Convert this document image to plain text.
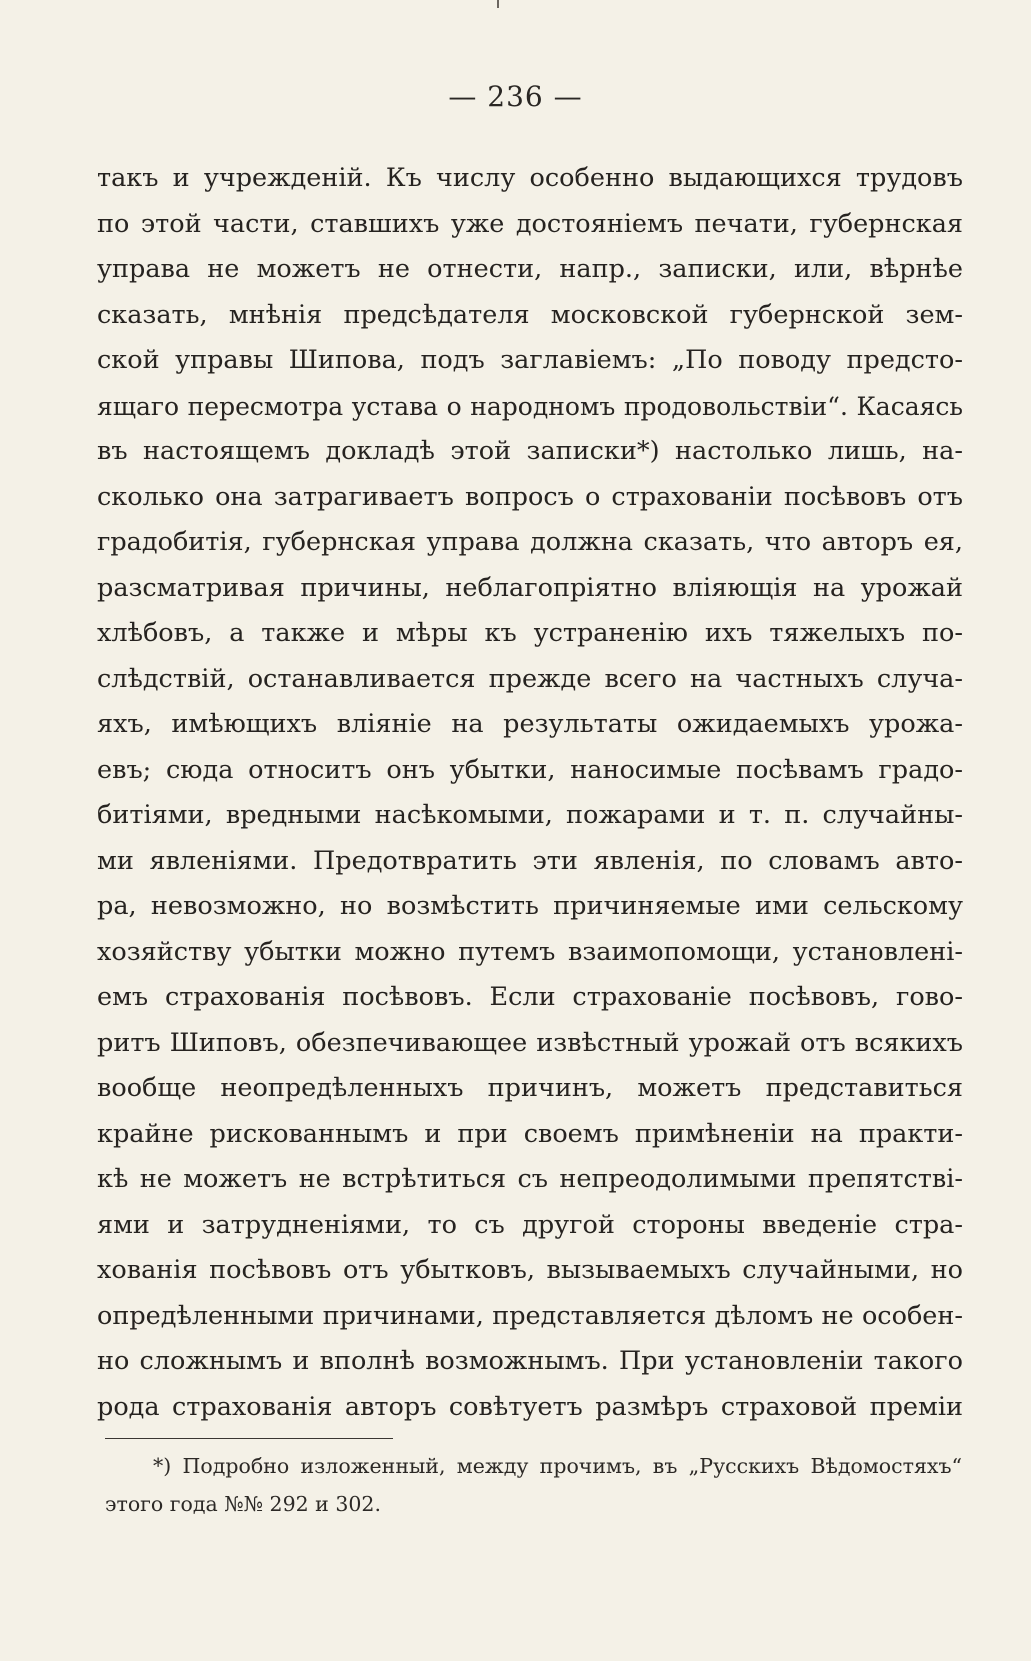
— 236 —
такъ и учрежденій. Къ числу особенно выдающихся трудовъ
по этой части, ставшихъ уже достояніемъ печати, губернская
управа не можетъ не отнести, напр., записки, или, вѣрнѣе
сказать, мнѣнія предсѣдателя московской губернской зем-
ской управы Шипова, подъ заглавіемъ: „По поводу предсто-
ящаго пересмотра устава о народномъ продовольствіи“. Касаясь
въ настоящемъ докладѣ этой записки*) настолько лишь, на-
сколько она затрагиваетъ вопросъ о страхованіи посѣвовъ отъ
градобитія, губернская управа должна сказать, что авторъ ея,
разсматривая причины, неблагопріятно вліяющія на урожай
хлѣбовъ, а также и мѣры къ устраненію ихъ тяжелыхъ по-
слѣдствій, останавливается прежде всего на частныхъ случа-
яхъ, имѣющихъ вліяніе на результаты ожидаемыхъ урожа-
евъ; сюда относитъ онъ убытки, наносимые посѣвамъ градо-
битіями, вредными насѣкомыми, пожарами и т. п. случайны-
ми явленіями. Предотвратить эти явленія, по словамъ авто-
ра, невозможно, но возмѣстить причиняемые ими сельскому
хозяйству убытки можно путемъ взаимопомощи, установлені-
емъ страхованія посѣвовъ. Если страхованіе посѣвовъ, гово-
ритъ Шиповъ, обезпечивающее извѣстный урожай отъ всякихъ
вообще неопредѣленныхъ причинъ, можетъ представиться
крайне рискованнымъ и при своемъ примѣненіи на практи-
кѣ не можетъ не встрѣтиться съ непреодолимыми препятствi-
ями и затрудненіями, то съ другой стороны введеніе стра-
хованія посѣвовъ отъ убытковъ, вызываемыхъ случайными, но
опредѣленными причинами, представляется дѣломъ не особен-
но сложнымъ и вполнѣ возможнымъ. При установленіи такого
рода страхованія авторъ совѣтуетъ размѣръ страховой преміи
*) Подробно изложенный, между прочимъ, въ „Русскихъ Вѣдомостяхъ“
этого года №№ 292 и 302.
